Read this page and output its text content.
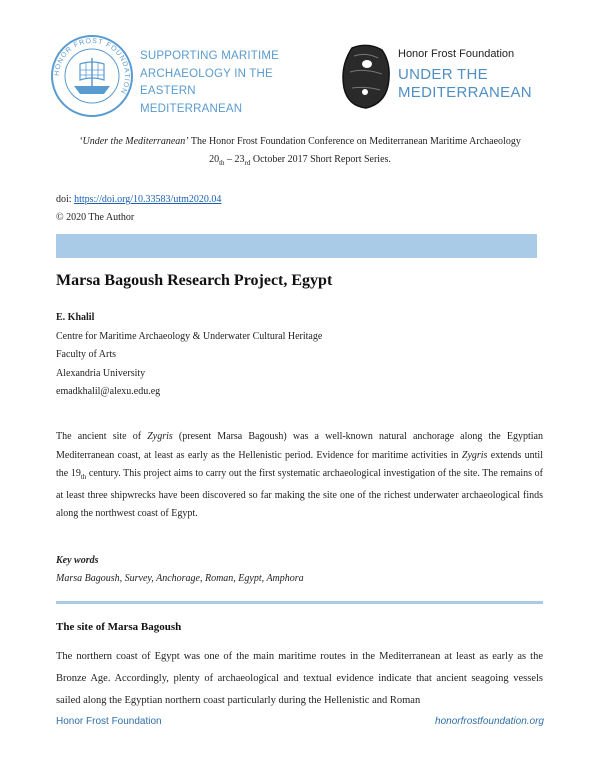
HONOR FROST FOUNDATION
SUPPORTING MARITIME
ARCHAEOLOGY IN THE
EASTERN MEDITERRANEAN
Honor Frost Foundation
UNDER THE
MEDITERRANEAN
‘Under the Mediterranean’ The Honor Frost Foundation Conference on Mediterranean Maritime Archaeology
$20_{th} - 23_{rd}$ October 2017 Short Report Series.
doi: https://doi.org/10.33583/utm2020.04
© 2020 The Author
Marsa Bagoush Research Project, Egypt
E. Khalil
Centre for Maritime Archaeology & Underwater Cultural Heritage
Faculty of Arts
Alexandria University
emadkhalil@alexu.edu.eg
The ancient site of Zygris (present Marsa Bagoush) was a well-known natural anchorage along the Egyptian Mediterranean coast, at least as early as the Hellenistic period. Evidence for maritime activities in Zygris extends until the $19_{th}$ century. This project aims to carry out the first systematic archaeological investigation of the site. The remains of at least three shipwrecks have been discovered so far making the site one of the richest underwater archaeological finds along the northwest coast of Egypt.
Key words
Marsa Bagoush, Survey, Anchorage, Roman, Egypt, Amphora
The site of Marsa Bagoush
The northern coast of Egypt was one of the main maritime routes in the Mediterranean at least as early as the Bronze Age. Accordingly, plenty of archaeological and textual evidence indicate that ancient seagoing vessels sailed along the Egyptian northern coast particularly during the Hellenistic and Roman
Honor Frost Foundation	honorfrostfoundation.org
